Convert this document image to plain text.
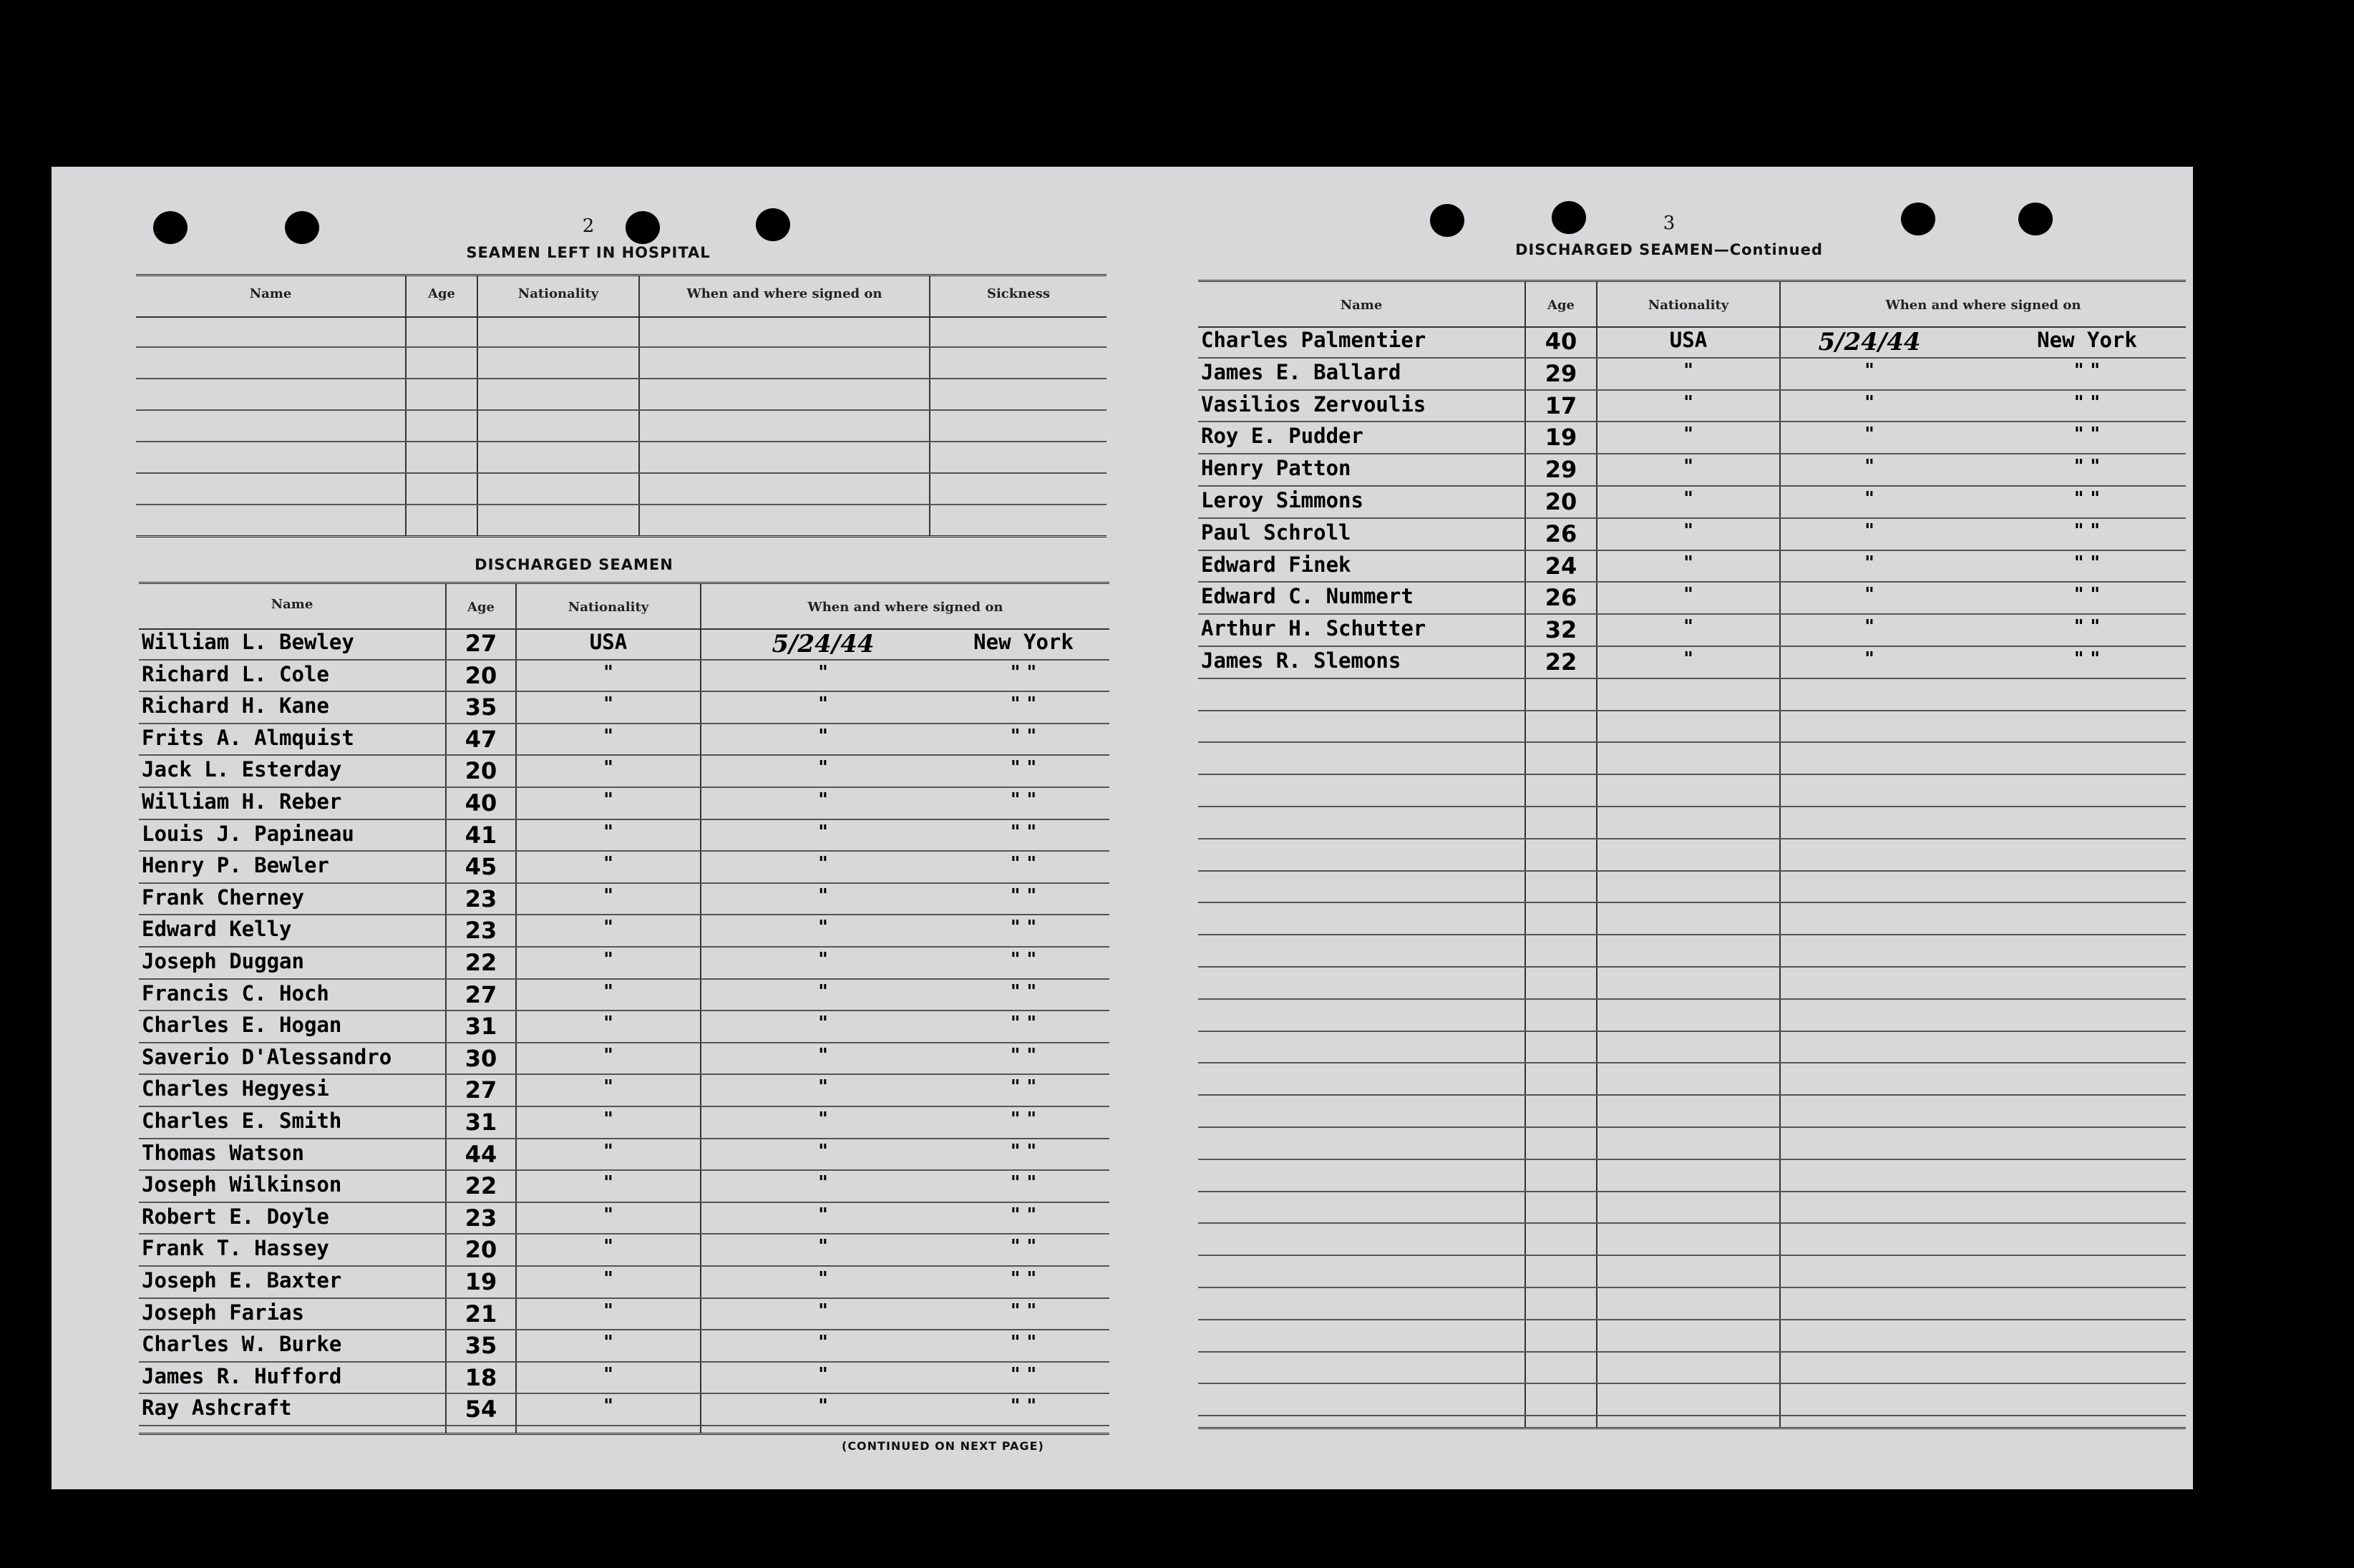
2
SEAMEN LEFT IN HOSPITAL
Name	Age	Nationality	When and where signed on	Sickness
DISCHARGED SEAMEN
Name	Age	Nationality	When and where signed on
William L. Bewley	27	USA	5/24/44	New York
Richard L. Cole	20	"	"	" "
Richard H. Kane	35	"	"	" "
Frits A. Almquist	47	"	"	" "
Jack L. Esterday	20	"	"	" "
William H. Reber	40	"	"	" "
Louis J. Papineau	41	"	"	" "
Henry P. Bewler	45	"	"	" "
Frank Cherney	23	"	"	" "
Edward Kelly	23	"	"	" "
Joseph Duggan	22	"	"	" "
Francis C. Hoch	27	"	"	" "
Charles E. Hogan	31	"	"	" "
Saverio D'Alessandro	30	"	"	" "
Charles Hegyesi	27	"	"	" "
Charles E. Smith	31	"	"	" "
Thomas Watson	44	"	"	" "
Joseph Wilkinson	22	"	"	" "
Robert E. Doyle	23	"	"	" "
Frank T. Hassey	20	"	"	" "
Joseph E. Baxter	19	"	"	" "
Joseph Farias	21	"	"	" "
Charles W. Burke	35	"	"	" "
James R. Hufford	18	"	"	" "
Ray Ashcraft	54	"	"	" "
(CONTINUED ON NEXT PAGE)
3
DISCHARGED SEAMEN—Continued
Name	Age	Nationality	When and where signed on
Charles Palmentier	40	USA	5/24/44	New York
James E. Ballard	29	"	"	" "
Vasilios Zervoulis	17	"	"	" "
Roy E. Pudder	19	"	"	" "
Henry Patton	29	"	"	" "
Leroy Simmons	20	"	"	" "
Paul Schroll	26	"	"	" "
Edward Finek	24	"	"	" "
Edward C. Nummert	26	"	"	" "
Arthur H. Schutter	32	"	"	" "
James R. Slemons	22	"	"	" "
